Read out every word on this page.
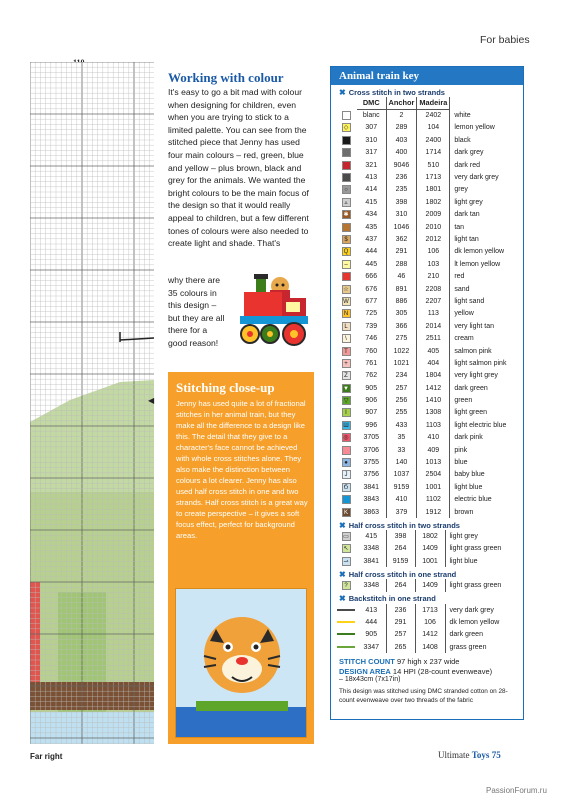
For babies
◀
Far right
Working with colour

It's easy to go a bit mad with colour when designing for children, even when you are trying to stick to a limited palette. You can see from the stitched piece that Jenny has used four main colours – red, green, blue and yellow – plus brown, black and grey for the animals. We wanted the bright colours to be the main focus of the design so that it would really appeal to children, but a few different tones of colours were also needed to create light and shade. That's

why there are 35 colours in this design – but they are all there for a good reason!

Stitching close-up

Jenny has used quite a lot of fractional stitches in her animal train, but they make all the difference to a design like this. The detail that they give to a character's face cannot be achieved with whole cross stitches alone. They also make the distinction between colours a lot clearer. Jenny has also used half cross stitch in one and two strands. Half cross stitch is a great way to create perspective – it gives a soft focus effect, perfect for background areas.

Animal train key
✖ Cross stitch in two strands
	DMC	Anchor	Madeira	
	blanc	2	2402	white
◇	307	289	104	lemon yellow
	310	403	2400	black
	317	400	1714	dark grey
	321	9046	510	dark red
	413	236	1713	very dark grey
○	414	235	1801	grey
▵	415	398	1802	light grey
✱	434	310	2009	dark tan
	435	1046	2010	tan
$	437	362	2012	light tan
Q	444	291	106	dk lemon yellow
–	445	288	103	lt lemon yellow
	666	46	210	red
☆	676	891	2208	sand
W	677	886	2207	light sand
N	725	305	113	yellow
L	739	366	2014	very light tan
\	746	275	2511	cream
T	760	1022	405	salmon pink
+	761	1021	404	light salmon pink
Z	762	234	1804	very light grey
▼	905	257	1412	dark green
▽	906	256	1410	green
I	907	255	1308	light green
Ш	996	433	1103	light electric blue
◎	3705	35	410	dark pink
	3706	33	409	pink
●	3755	140	1013	blue
J	3756	1037	2504	baby blue
Ϭ	3841	9159	1001	light blue
	3843	410	1102	electric blue
K	3863	379	1912	brown
✖ Half cross stitch in two strands
▭	415	398	1802	light grey
↖	3348	264	1409	light grass green
⇀	3841	9159	1001	light blue
✖ Half cross stitch in one strand
?	3348	264	1409	light grass green
✖ Backstitch in one strand
	413	236	1713	very dark grey
	444	291	106	dk lemon yellow
	905	257	1412	dark green
	3347	265	1408	grass green
STITCH COUNT 97 high x 237 wide
DESIGN AREA 14 HPI (28-count evenweave)
– 18x43cm (7x17in)
This design was stitched using DMC stranded cotton on 28-count evenweave over two threads of the fabric
Ultimate Toys 75
PassionForum.ru
